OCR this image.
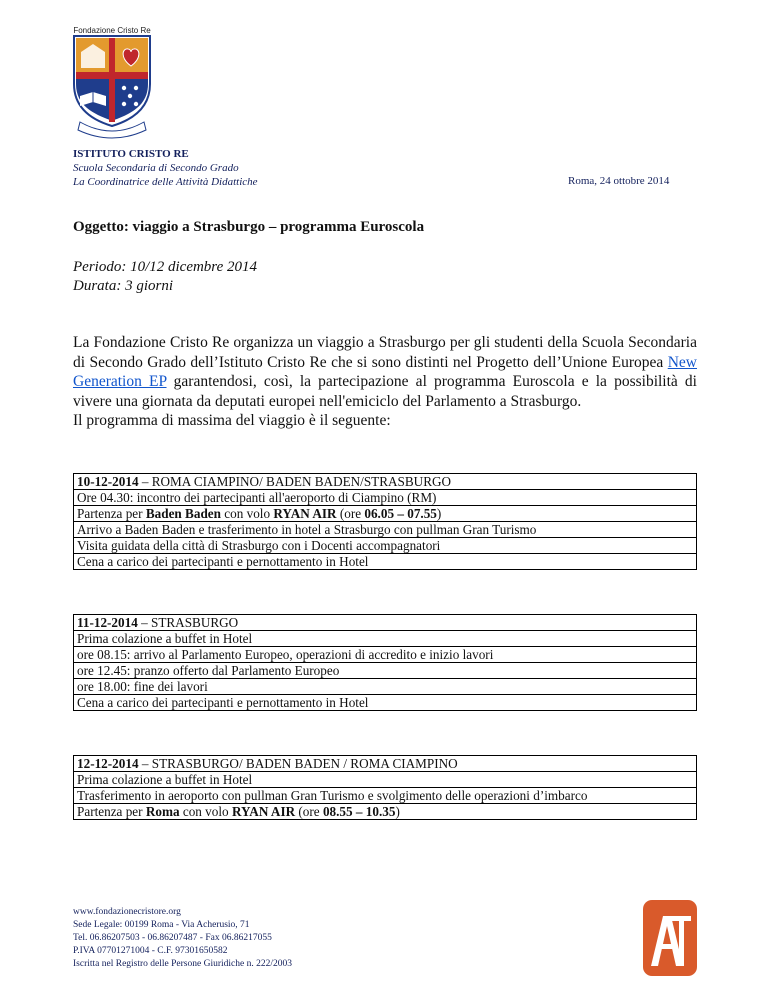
Fondazione Cristo Re
ISTITUTO CRISTO RE
Scuola Secondaria di Secondo Grado
La Coordinatrice delle Attività Didattiche	Roma, 24 ottobre 2014
Oggetto: viaggio a Strasburgo – programma Euroscola
Periodo: 10/12 dicembre 2014
Durata: 3 giorni
La Fondazione Cristo Re organizza un viaggio a Strasburgo per gli studenti della Scuola Secondaria di Secondo Grado dell’Istituto Cristo Re che si sono distinti nel Progetto dell’Unione Europea New Generation EP garantendosi, così, la partecipazione al programma Euroscola e la possibilità di vivere una giornata da deputati europei nell'emiciclo del Parlamento a Strasburgo.
Il programma di massima del viaggio è il seguente:
10-12-2014 – ROMA CIAMPINO/ BADEN BADEN/STRASBURGO
Ore 04.30: incontro dei partecipanti all'aeroporto di Ciampino (RM)
Partenza per Baden Baden con volo RYAN AIR (ore 06.05 – 07.55)
Arrivo a Baden Baden e trasferimento in hotel a Strasburgo con pullman Gran Turismo
Visita guidata della città di Strasburgo con i Docenti accompagnatori
Cena a carico dei partecipanti e pernottamento in Hotel
11-12-2014 – STRASBURGO
Prima colazione a buffet in Hotel
ore 08.15: arrivo al Parlamento Europeo, operazioni di accredito e inizio lavori
ore 12.45: pranzo offerto dal Parlamento Europeo
ore 18.00: fine dei lavori
Cena a carico dei partecipanti e pernottamento in Hotel
12-12-2014 – STRASBURGO/ BADEN BADEN / ROMA CIAMPINO
Prima colazione a buffet in Hotel
Trasferimento in aeroporto con pullman Gran Turismo e svolgimento delle operazioni d’imbarco
Partenza per Roma con volo RYAN AIR (ore 08.55 – 10.35)
www.fondazionecristore.org
Sede Legale: 00199 Roma - Via Acherusio, 71
Tel. 06.86207503 - 06.86207487 - Fax 06.86217055
P.IVA 07701271004 - C.F. 97301650582
Iscritta nel Registro delle Persone Giuridiche n. 222/2003
